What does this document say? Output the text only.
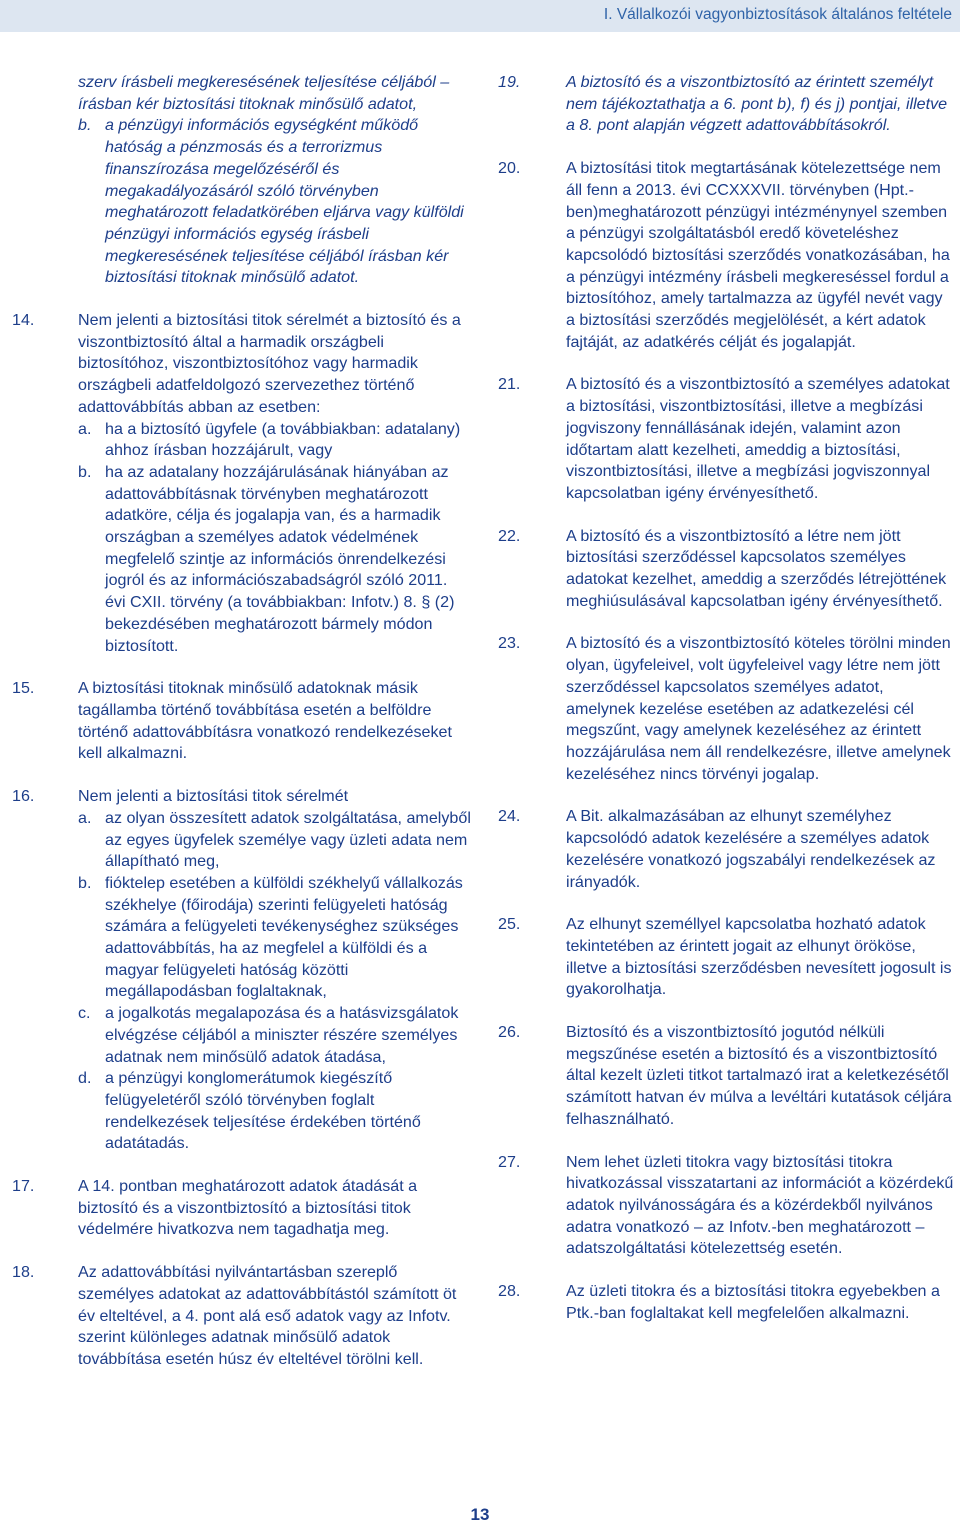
I. Vállalkozói vagyonbiztosítások általános feltétele
szerv írásbeli megkeresésének teljesítése céljából – írásban kér biztosítási titoknak minősülő adatot,
b. a pénzügyi információs egységként működő hatóság a pénzmosás és a terrorizmus finanszírozása megelőzéséről és megakadályozásáról szóló törvényben meghatározott feladatkörében eljárva vagy külföldi pénzügyi információs egység írásbeli megkeresésének teljesítése céljából írásban kér biztosítási titoknak minősülő adatot.
14.	Nem jelenti a biztosítási titok sérelmét a biztosító és a viszontbiztosító által a harmadik országbeli biztosítóhoz, viszontbiztosítóhoz vagy harmadik országbeli adatfeldolgozó szervezethez történő adattovábbítás abban az esetben:
a. ha a biztosító ügyfele (a továbbiakban: adatalany) ahhoz írásban hozzájárult, vagy
b. ha az adatalany hozzájárulásának hiányában az adattovábbításnak törvényben meghatározott adatköre, célja és jogalapja van, és a harmadik országban a személyes adatok védelmének megfelelő szintje az információs önrendelkezési jogról és az információszabadságról szóló 2011. évi CXII. törvény (a továbbiakban: Infotv.) 8. § (2) bekezdésében meghatározott bármely módon biztosított.
15.	A biztosítási titoknak minősülő adatoknak másik tagállamba történő továbbítása esetén a belföldre történő adattovábbításra vonatkozó rendelkezéseket kell alkalmazni.
16.	Nem jelenti a biztosítási titok sérelmét
a. az olyan összesített adatok szolgáltatása, amelyből az egyes ügyfelek személye vagy üzleti adata nem állapítható meg,
b. fióktelep esetében a külföldi székhelyű vállalkozás székhelye (főirodája) szerinti felügyeleti hatóság számára a felügyeleti tevékenységhez szükséges adattovábbítás, ha az megfelel a külföldi és a magyar felügyeleti hatóság közötti megállapodásban foglaltaknak,
c. a jogalkotás megalapozása és a hatásvizsgálatok elvégzése céljából a miniszter részére személyes adatnak nem minősülő adatok átadása,
d. a pénzügyi konglomerátumok kiegészítő felügyeletéről szóló törvényben foglalt rendelkezések teljesítése érdekében történő adatátadás.
17.	A 14. pontban meghatározott adatok átadását a biztosító és a viszontbiztosító a biztosítási titok védelmére hivatkozva nem tagadhatja meg.
18.	Az adattovábbítási nyilvántartásban szereplő személyes adatokat az adattovábbítástól számított öt év elteltével, a 4. pont alá eső adatok vagy az Infotv. szerint különleges adatnak minősülő adatok továbbítása esetén húsz év elteltével törölni kell.
19.	A biztosító és a viszontbiztosító az érintett személyt nem tájékoztathatja a 6. pont b), f) és j) pontjai, illetve a 8. pont alapján végzett adattovábbításokról.
20.	A biztosítási titok megtartásának kötelezettsége nem áll fenn a 2013. évi CCXXXVII. törvényben (Hpt.-ben)meghatározott pénzügyi intézménynyel szemben a pénzügyi szolgáltatásból eredő követeléshez kapcsolódó biztosítási szerződés vonatkozásában, ha a pénzügyi intézmény írásbeli megkereséssel fordul a biztosítóhoz, amely tartalmazza az ügyfél nevét vagy a biztosítási szerződés megjelölését, a kért adatok fajtáját, az adatkérés célját és jogalapját.
21.	A biztosító és a viszontbiztosító a személyes adatokat a biztosítási, viszontbiztosítási, illetve a megbízási jogviszony fennállásának idején, valamint azon időtartam alatt kezelheti, ameddig a biztosítási, viszontbiztosítási, illetve a megbízási jogviszonnyal kapcsolatban igény érvényesíthető.
22.	A biztosító és a viszontbiztosító a létre nem jött biztosítási szerződéssel kapcsolatos személyes adatokat kezelhet, ameddig a szerződés létrejöttének meghiúsulásával kapcsolatban igény érvényesíthető.
23.	A biztosító és a viszontbiztosító köteles törölni minden olyan, ügyfeleivel, volt ügyfeleivel vagy létre nem jött szerződéssel kapcsolatos személyes adatot, amelynek kezelése esetében az adatkezelési cél megszűnt, vagy amelynek kezeléséhez az érintett hozzájárulása nem áll rendelkezésre, illetve amelynek kezeléséhez nincs törvényi jogalap.
24.	A Bit. alkalmazásában az elhunyt személyhez kapcsolódó adatok kezelésére a személyes adatok kezelésére vonatkozó jogszabályi rendelkezések az irányadók.
25.	Az elhunyt személlyel kapcsolatba hozható adatok tekintetében az érintett jogait az elhunyt örököse, illetve a biztosítási szerződésben nevesített jogosult is gyakorolhatja.
26.	Biztosító és a viszontbiztosító jogutód nélküli megszűnése esetén a biztosító és a viszontbiztosító által kezelt üzleti titkot tartalmazó irat a keletkezésétől számított hatvan év múlva a levéltári kutatások céljára felhasználható.
27.	Nem lehet üzleti titokra vagy biztosítási titokra hivatkozással visszatartani az információt a közérdekű adatok nyilvánosságára és a közérdekből nyilvános adatra vonatkozó – az Infotv.-ben meghatározott – adatszolgáltatási kötelezettség esetén.
28.	Az üzleti titokra és a biztosítási titokra egyebekben a Ptk.-ban foglaltakat kell megfelelően alkalmazni.
13
